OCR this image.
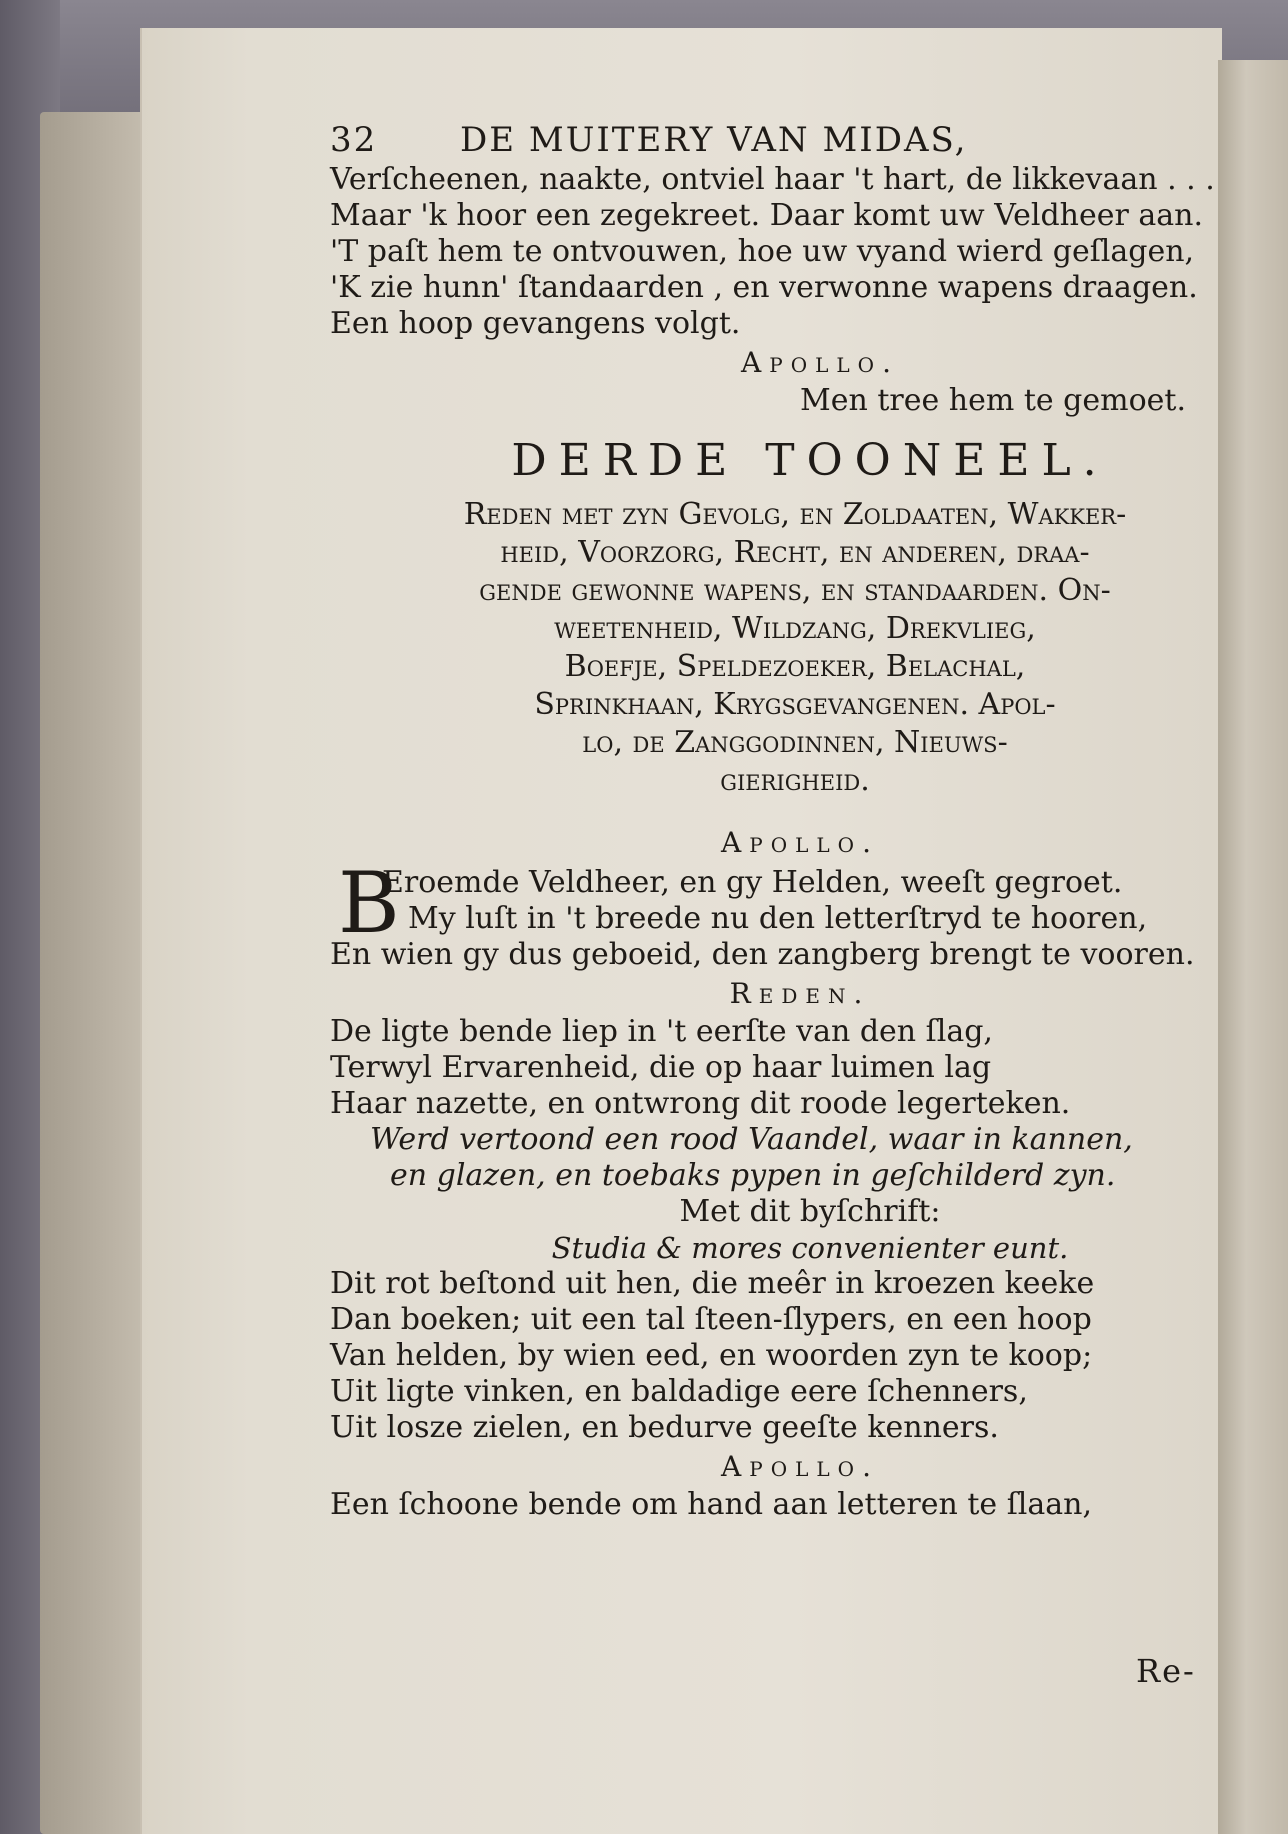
32	DE MUITERY VAN MIDAS,
Verſcheenen, naakte, ontviel haar 't hart, de likkevaan . . .
Maar 'k hoor een zegekreet. Daar komt uw Veldheer aan.
'T paſt hem te ontvouwen, hoe uw vyand wierd geſlagen,
'K zie hunn' ſtandaarden , en verwonne wapens draagen.
Een hoop gevangens volgt.
Apollo.
Men tree hem te gemoet.
DERDE TOONEEL.
Reden met zyn Gevolg, en Zoldaaten, Wakker-
heid, Voorzorg, Recht, en anderen, draa-
gende gewonne wapens, en ſtandaarden. On-
weetenheid, Wildzang, Drekvlieg,
Boefje, Speldezoeker, Belachal,
Sprinkhaan, Krygsgevangenen. Apol-
lo, de Zanggodinnen, Nieuws-
gierigheid.
Apollo.
B
Eroemde Veldheer, en gy Helden, weeſt gegroet.
My luſt in 't breede nu den letterſtryd te hooren,
En wien gy dus geboeid, den zangberg brengt te vooren.
Reden.
De ligte bende liep in 't eerſte van den ſlag,
Terwyl Ervarenheid, die op haar luimen lag
Haar nazette, en ontwrong dit roode legerteken.
Werd vertoond een rood Vaandel, waar in kannen,
en glazen, en toebaks pypen in geſchilderd zyn.
Met dit byſchrift:
Studia & mores convenienter eunt.
Dit rot beſtond uit hen, die meêr in kroezen keeke
Dan boeken; uit een tal ſteen-ſlypers, en een hoop
Van helden, by wien eed, en woorden zyn te koop;
Uit ligte vinken, en baldadige eere ſchenners,
Uit losze zielen, en bedurve geeſte kenners.
Apollo.
Een ſchoone bende om hand aan letteren te ſlaan,
Re-
